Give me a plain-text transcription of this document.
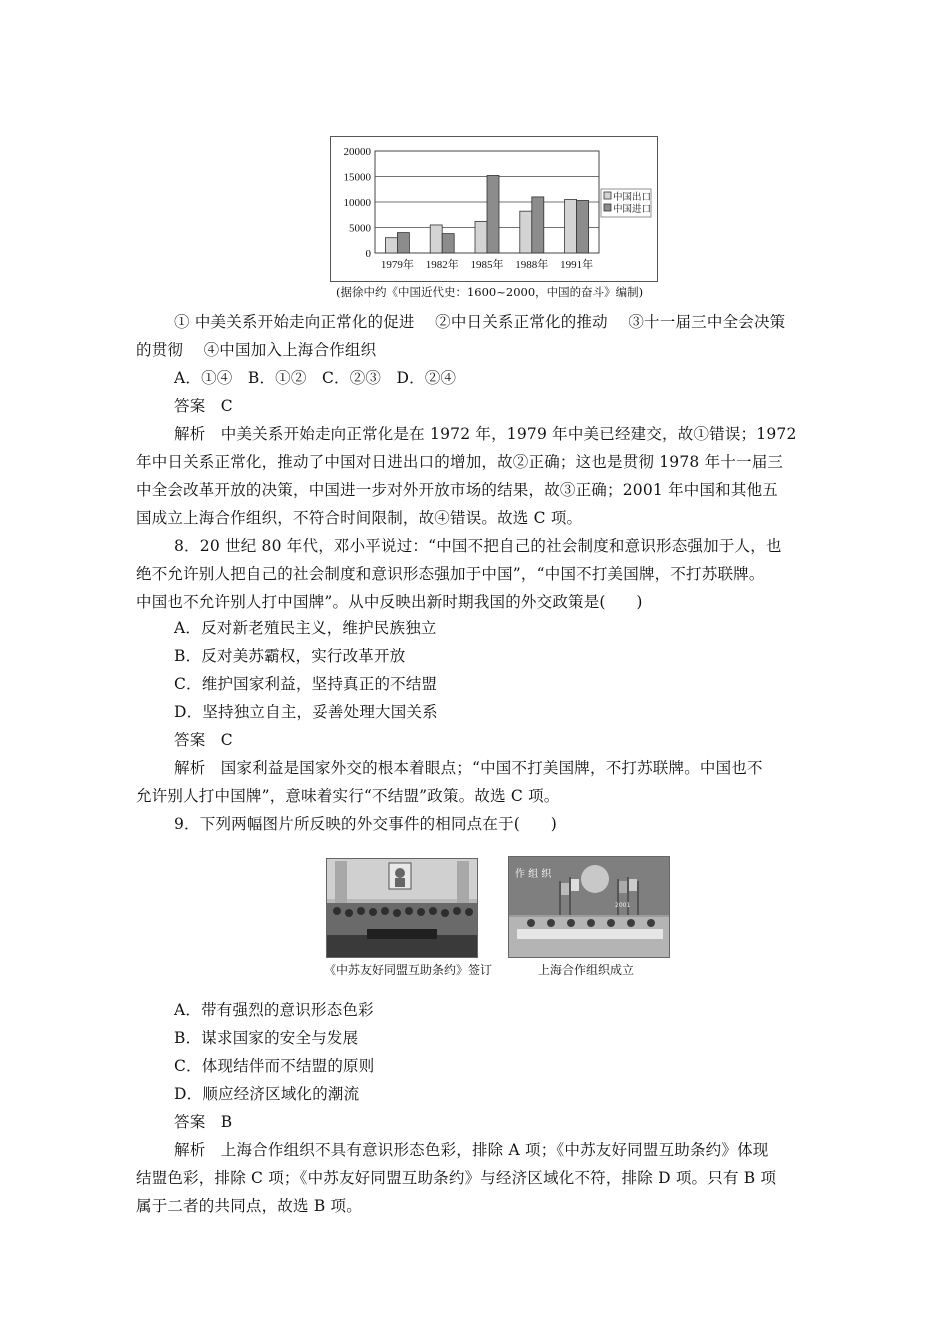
0
5000
10000
15000
20000
1979年 1982年 1985年 1988年 1991年
中国出口
中国进口
(据徐中约《中国近代史：1600~2000，中国的奋斗》编制)
① 中美关系开始走向正常化的促进    ②中日关系正常化的推动    ③十一届三中全会决策
的贯彻    ④中国加入上海合作组织
A．①④   B．①②   C．②③   D．②④
答案   C
解析   中美关系开始走向正常化是在 1972 年，1979 年中美已经建交，故①错误；1972
年中日关系正常化，推动了中国对日进出口的增加，故②正确；这也是贯彻 1978 年十一届三
中全会改革开放的决策，中国进一步对外开放市场的结果，故③正确；2001 年中国和其他五
国成立上海合作组织，不符合时间限制，故④错误。故选 C 项。
8．20 世纪 80 年代，邓小平说过：“中国不把自己的社会制度和意识形态强加于人，也
绝不允许别人把自己的社会制度和意识形态强加于中国”，“中国不打美国牌，不打苏联牌。
中国也不允许别人打中国牌”。从中反映出新时期我国的外交政策是(      )
A．反对新老殖民主义，维护民族独立
B．反对美苏霸权，实行改革开放
C．维护国家利益，坚持真正的不结盟
D．坚持独立自主，妥善处理大国关系
答案   C
解析   国家利益是国家外交的根本着眼点；“中国不打美国牌，不打苏联牌。中国也不
允许别人打中国牌”，意味着实行“不结盟”政策。故选 C 项。
9．下列两幅图片所反映的外交事件的相同点在于(      )
《中苏友好同盟互助条约》签订
2001
作 组 织
上海合作组织成立
A．带有强烈的意识形态色彩
B．谋求国家的安全与发展
C．体现结伴而不结盟的原则
D．顺应经济区域化的潮流
答案   B
解析   上海合作组织不具有意识形态色彩，排除 A 项；《中苏友好同盟互助条约》体现
结盟色彩，排除 C 项；《中苏友好同盟互助条约》与经济区域化不符，排除 D 项。只有 B 项
属于二者的共同点，故选 B 项。
